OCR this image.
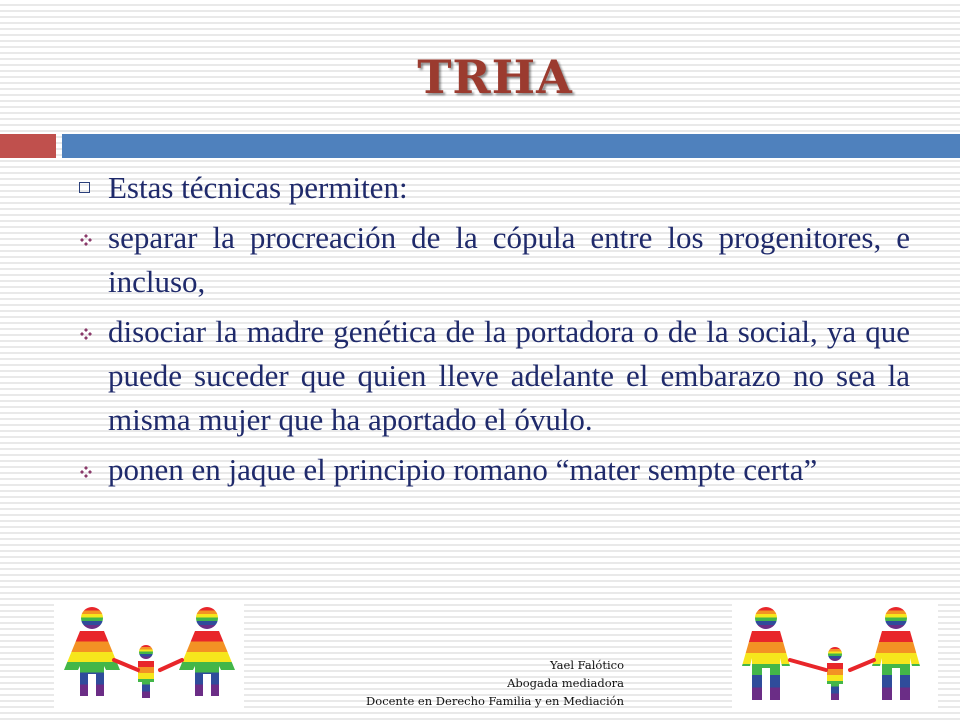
TRHA
Estas técnicas permiten:
separar la procreación de la cópula entre los progenitores, e incluso,
disociar la madre genética de la portadora o de la social, ya que puede suceder que quien lleve adelante el embarazo no sea la misma mujer que ha aportado el óvulo.
ponen en jaque el principio romano “mater sempte certa”
Yael Falótico
Abogada mediadora
Docente en Derecho Familia y en Mediación
